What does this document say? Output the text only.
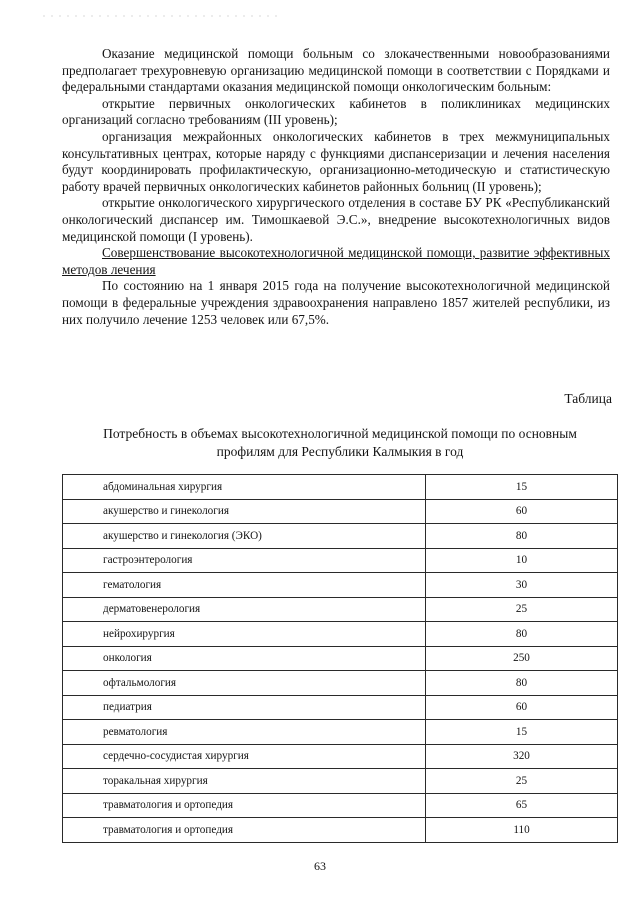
Оказание медицинской помощи больным со злокачественными новообразованиями предполагает трехуровневую организацию медицинской помощи в соответствии с Порядками и федеральными стандартами оказания медицинской помощи онкологическим больным:

открытие первичных онкологических кабинетов в поликлиниках медицинских организаций согласно требованиям (III уровень);

организация межрайонных онкологических кабинетов в трех межмуниципальных консультативных центрах, которые наряду с функциями диспансеризации и лечения населения будут координировать профилактическую, организационно-методическую и статистическую работу врачей первичных онкологических кабинетов районных больниц (II уровень);

открытие онкологического хирургического отделения в составе БУ РК «Республиканский онкологический диспансер им. Тимошкаевой Э.С.», внедрение высокотехнологичных видов медицинской помощи (I уровень).

Совершенствование высокотехнологичной медицинской помощи, развитие эффективных методов лечения

По состоянию на 1 января 2015 года на получение высокотехнологичной медицинской помощи в федеральные учреждения здравоохранения направлено 1857 жителей республики, из них получило лечение 1253 человек или 67,5%.

Таблица
Потребность в объемах высокотехнологичной медицинской помощи по основным профилям для Республики Калмыкия в год
абдоминальная хирургия	15
акушерство и гинекология	60
акушерство и гинекология (ЭКО)	80
гастроэнтерология	10
гематология	30
дерматовенерология	25
нейрохирургия	80
онкология	250
офтальмология	80
педиатрия	60
ревматология	15
сердечно-сосудистая хирургия	320
торакальная хирургия	25
травматология и ортопедия	65
травматология и ортопедия	110
63
